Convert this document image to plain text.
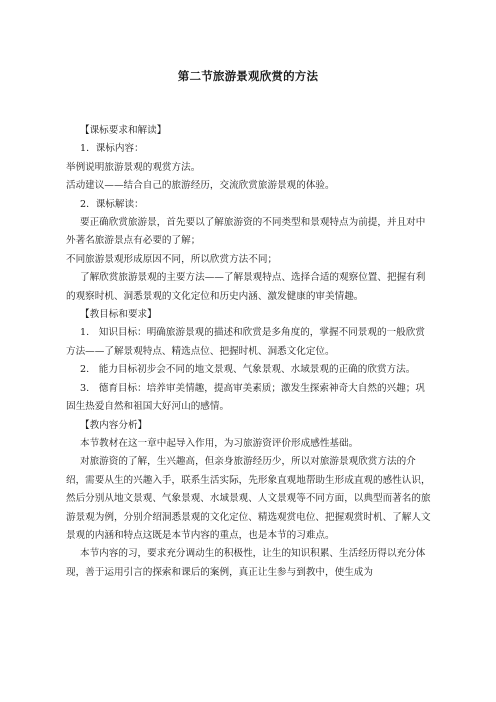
第二节旅游景观欣赏的方法

【课标要求和解读】

1．课标内容：

举例说明旅游景观的观赏方法。

活动建议——结合自己的旅游经历，交流欣赏旅游景观的体验。

2．课标解读：

要正确欣赏旅游景，首先要以了解旅游资的不同类型和景观特点为前提，并且对中外著名旅游景点有必要的了解；

不同旅游景观形成原因不同，所以欣赏方法不同；

了解欣赏旅游景观的主要方法——了解景观特点、选择合适的观察位置、把握有利的观察时机、洞悉景观的文化定位和历史内涵、激发健康的审美情趣。

【教目标和要求】

1.　知识目标：明确旅游景观的描述和欣赏是多角度的，掌握不同景观的一般欣赏方法——了解景观特点、精选点位、把握时机、洞悉文化定位。

2.　能力目标初步会不同的地文景观、气象景观、水域景观的正确的欣赏方法。

3.　德育目标：培养审美情趣，提高审美素质；激发生探索神奇大自然的兴趣；巩固生热爱自然和祖国大好河山的感情。

【教内容分析】

本节教材在这一章中起导入作用，为习旅游资评价形成感性基础。

对旅游资的了解，生兴趣高，但亲身旅游经历少，所以对旅游景观欣赏方法的介绍，需要从生的兴趣入手，联系生活实际，先形象直观地帮助生形成直观的感性认识，然后分别从地文景观、气象景观、水域景观、人文景观等不同方面，以典型而著名的旅游景观为例，分别介绍洞悉景观的文化定位、精选观赏电位、把握观赏时机、了解人文景观的内涵和特点这既是本节内容的重点，也是本节的习难点。

本节内容的习，要求充分调动生的积极性，让生的知识积累、生活经历得以充分体现，善于运用引言的探索和课后的案例，真正让生参与到教中，使生成为
